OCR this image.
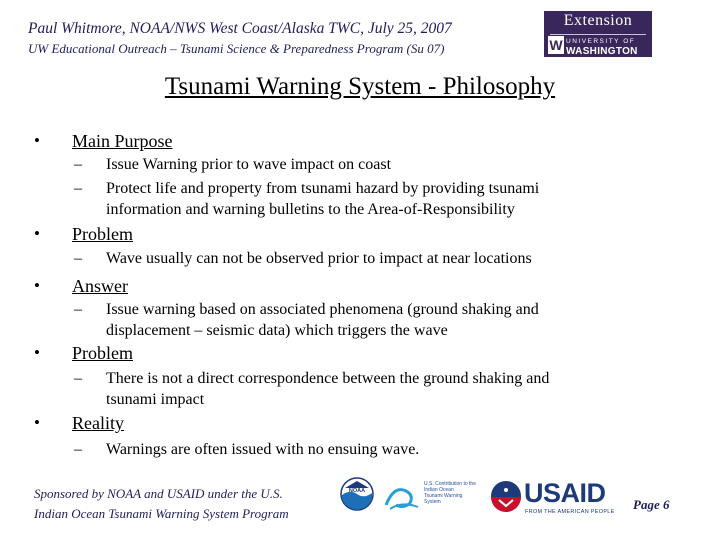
Paul Whitmore, NOAA/NWS West Coast/Alaska TWC, July 25, 2007
UW Educational Outreach – Tsunami Science & Preparedness Program (Su 07)
Extension
W UNIVERSITY OF
WASHINGTON
Tsunami Warning System - Philosophy
• Main Purpose
– Issue Warning prior to wave impact on coast
– Protect life and property from tsunami hazard by providing tsunami
information and warning bulletins to the Area-of-Responsibility
• Problem
– Wave usually can not be observed prior to impact at near locations
• Answer
– Issue warning based on associated phenomena (ground shaking and
displacement – seismic data) which triggers the wave
• Problem
– There is not a direct correspondence between the ground shaking and
tsunami impact
• Reality
– Warnings are often issued with no ensuing wave.
Sponsored by NOAA and USAID under the U.S.
Indian Ocean Tsunami Warning System Program
NOAA
U.S. Contribution to the
Indian Ocean
Tsunami Warning
System	USAID
FROM THE AMERICAN PEOPLE Page 6
